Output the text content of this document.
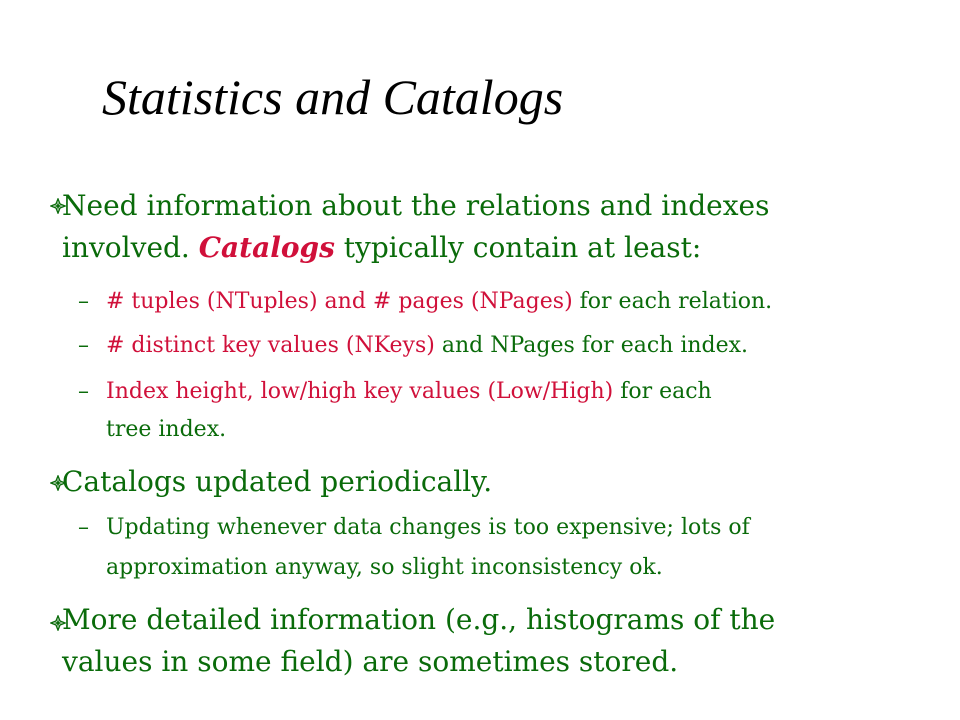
Statistics and Catalogs
Need information about the relations and indexes
involved. Catalogs typically contain at least:
– # tuples (NTuples) and # pages (NPages) for each relation.
– # distinct key values (NKeys) and NPages for each index.
– Index height, low/high key values (Low/High) for each
tree index.
Catalogs updated periodically.
– Updating whenever data changes is too expensive; lots of
approximation anyway, so slight inconsistency ok.
More detailed information (e.g., histograms of the
values in some field) are sometimes stored.
